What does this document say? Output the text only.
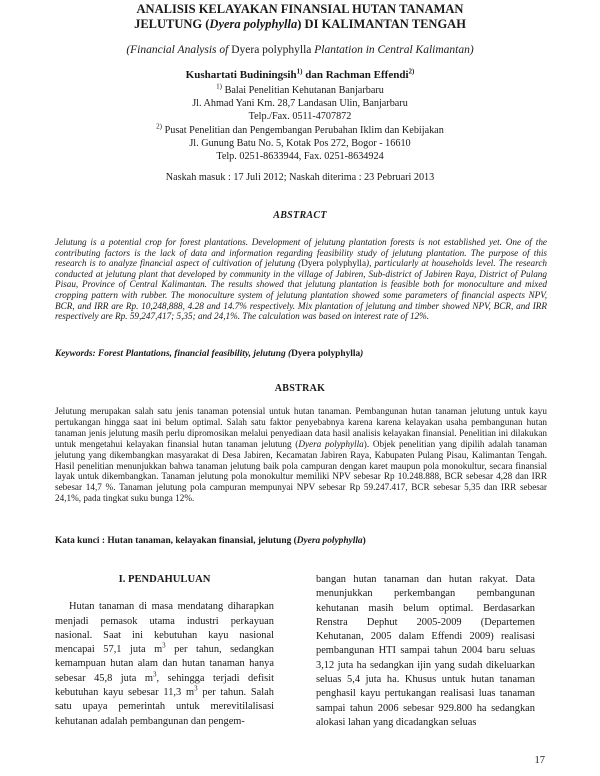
ANALISIS KELAYAKAN FINANSIAL HUTAN TANAMAN
JELUTUNG (Dyera polyphylla) DI KALIMANTAN TENGAH
(Financial Analysis of Dyera polyphylla Plantation in Central Kalimantan)
Kushartati Budiningsih$^{1)}$ dan Rachman Effendi$^{2)}$
$^{1)}$ Balai Penelitian Kehutanan Banjarbaru
Jl. Ahmad Yani Km. 28,7 Landasan Ulin, Banjarbaru
Telp./Fax. 0511-4707872
$^{2)}$ Pusat Penelitian dan Pengembangan Perubahan Iklim dan Kebijakan
Jl. Gunung Batu No. 5, Kotak Pos 272, Bogor - 16610
Telp. 0251-8633944, Fax. 0251-8634924
Naskah masuk : 17 Juli 2012; Naskah diterima : 23 Pebruari 2013
ABSTRACT
Jelutung is a potential crop for forest plantations. Development of jelutung plantation forests is not established yet. One of the contributing factors is the lack of data and information regarding feasibility study of jelutung plantation. The purpose of this research is to analyze financial aspect of cultivation of jelutung (Dyera polyphylla), particularly at households level. The research conducted at jelutung plant that developed by community in the village of Jabiren, Sub-district of Jabiren Raya, District of Pulang Pisau, Province of Central Kalimantan. The results showed that jelutung plantation is feasible both for monoculture and mixed cropping pattern with rubber. The monoculture system of jelutung plantation showed some parameters of financial aspects NPV, BCR, and IRR are Rp. 10,248,888, 4.28 and 14.7% respectively. Mix plantation of jelutung and timber showed NPV, BCR, and IRR respectively are Rp. 59,247,417; 5,35; and 24,1%. The calculation was based on interest rate of 12%.
Keywords: Forest Plantations, financial feasibility, jelutung (Dyera polyphylla)
ABSTRAK
Jelutung merupakan salah satu jenis tanaman potensial untuk hutan tanaman. Pembangunan hutan tanaman jelutung untuk kayu pertukangan hingga saat ini belum optimal. Salah satu faktor penyebabnya karena karena kelayakan usaha pembangunan hutan tanaman jenis jelutung masih perlu dipromosikan melalui penyediaan data hasil analisis kelayakan finansial. Penelitian ini dilakukan untuk mengetahui kelayakan finansial hutan tanaman jelutung (Dyera polyphylla). Objek penelitian yang dipilih adalah tanaman jelutung yang dikembangkan masyarakat di Desa Jabiren, Kecamatan Jabiren Raya, Kabupaten Pulang Pisau, Kalimantan Tengah. Hasil penelitian menunjukkan bahwa tanaman jelutung baik pola campuran dengan karet maupun pola monokultur, secara finansial layak untuk dikembangkan. Tanaman jelutung pola monokultur memiliki NPV sebesar Rp 10.248.888, BCR sebesar 4,28 dan IRR sebesar 14,7 %. Tanaman jelutung pola campuran mempunyai NPV sebesar Rp 59.247.417, BCR sebesar 5,35 dan IRR sebesar 24,1%, pada tingkat suku bunga 12%.
Kata kunci : Hutan tanaman, kelayakan finansial, jelutung (Dyera polyphylla)
I. PENDAHULUAN

Hutan tanaman di masa mendatang diharapkan menjadi pemasok utama industri perkayuan nasional. Saat ini kebutuhan kayu nasional mencapai 57,1 juta $m^3$ per tahun, sedangkan kemampuan hutan alam dan hutan tanaman hanya sebesar 45,8 juta $m^3$, sehingga terjadi defisit kebutuhan kayu sebesar 11,3 $m^3$ per tahun. Salah satu upaya pemerintah untuk merevitilalisasi kehutanan adalah pembangunan dan pengem-

bangan hutan tanaman dan hutan rakyat. Data menunjukkan perkembangan pembangunan kehutanan masih belum optimal. Berdasarkan Renstra Dephut 2005-2009 (Departemen Kehutanan, 2005 dalam Effendi 2009) realisasi pembangunan HTI sampai tahun 2004 baru seluas 3,12 juta ha sedangkan ijin yang sudah dikeluarkan seluas 5,4 juta ha. Khusus untuk hutan tanaman penghasil kayu pertukangan realisasi luas tanaman sampai tahun 2006 sebesar 929.800 ha sedangkan alokasi lahan yang dicadangkan seluas

17
